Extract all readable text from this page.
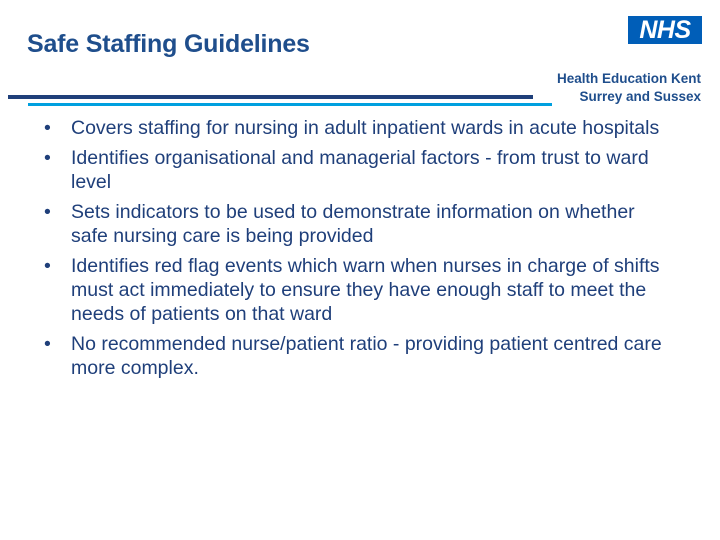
Safe Staffing Guidelines
NHS
Health Education Kent
Surrey and Sussex
• Covers staffing for nursing in adult inpatient wards in acute hospitals
• Identifies organisational and managerial factors - from trust to ward level
• Sets indicators to be used to demonstrate information on whether safe nursing care is being provided
• Identifies red flag events which warn when nurses in charge of shifts must act immediately to ensure they have enough staff to meet the needs of patients on that ward
• No recommended nurse/patient ratio - providing patient centred care more complex.
